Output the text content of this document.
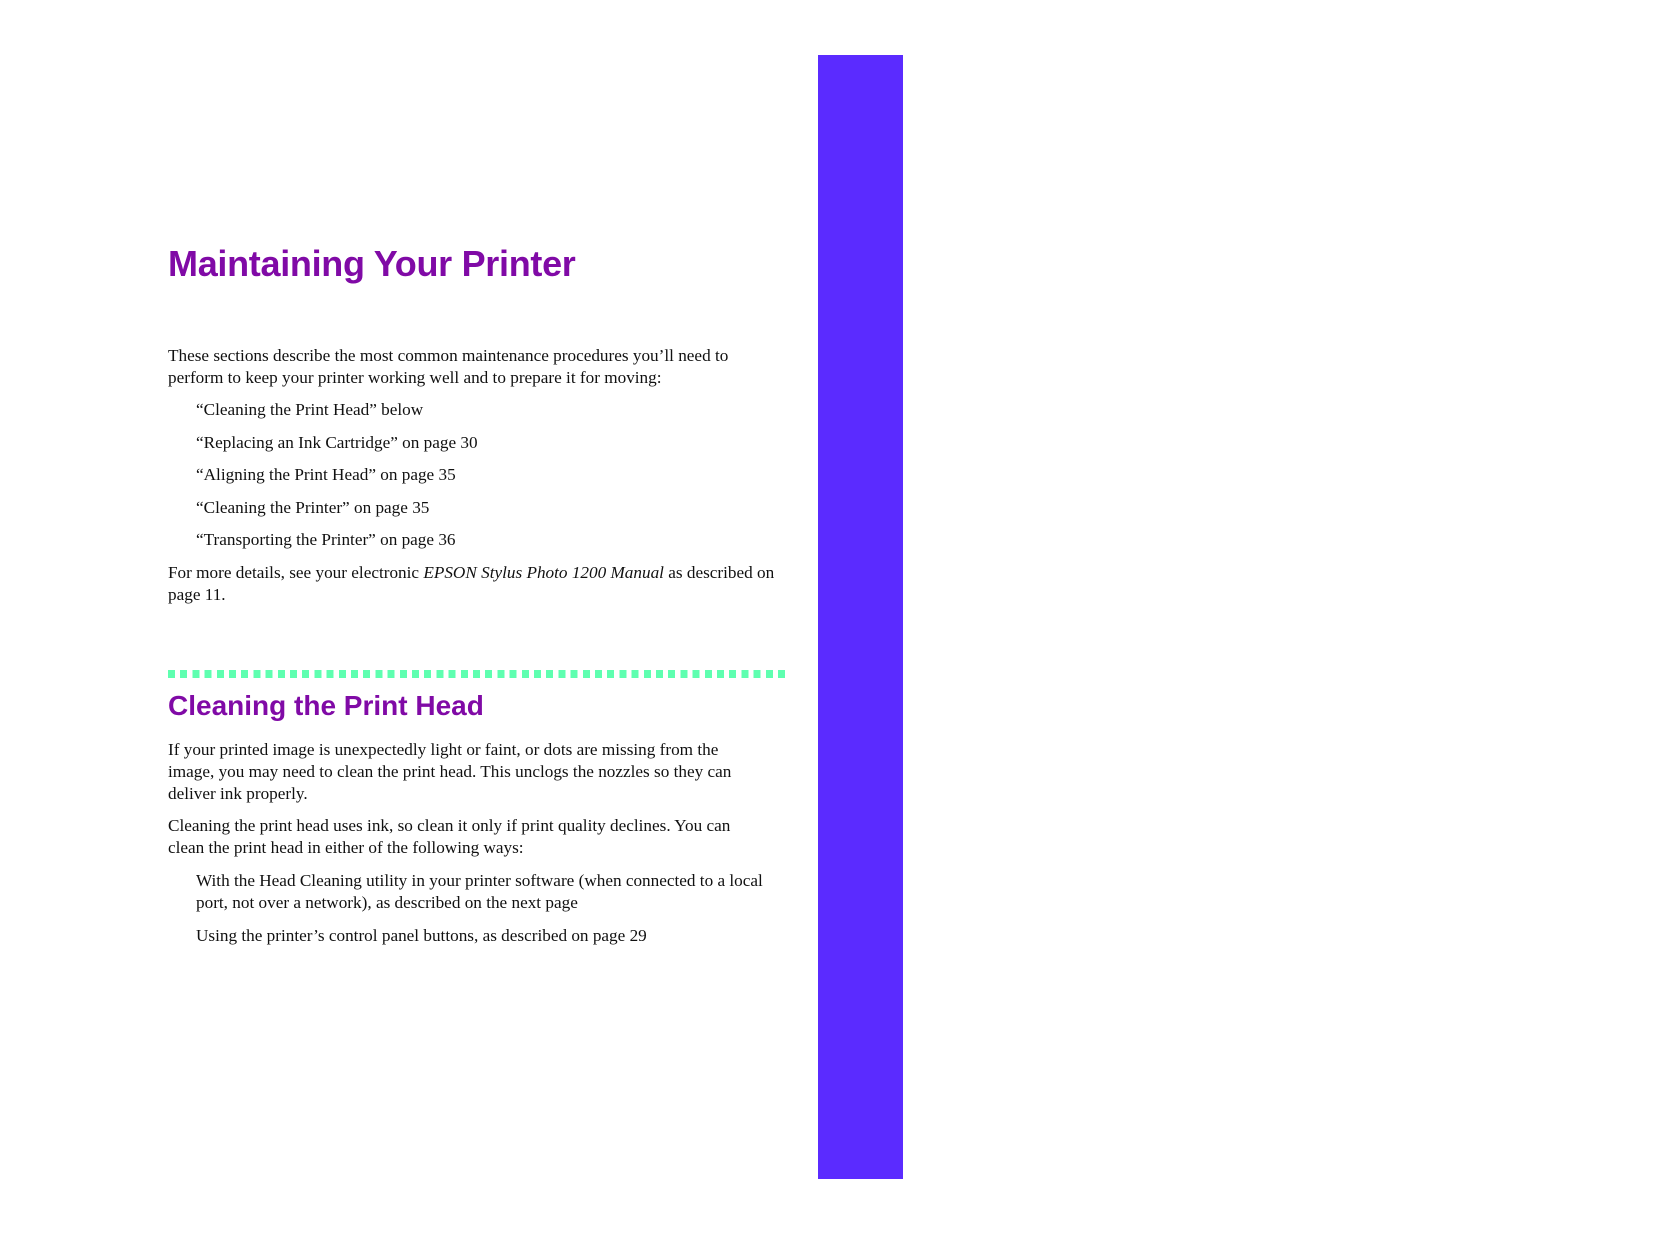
27
Maintaining Your Printer

These sections describe the most common maintenance procedures you’ll need to perform to keep your printer working well and to prepare it for moving:

“Cleaning the Print Head” below
“Replacing an Ink Cartridge” on page 30
“Aligning the Print Head” on page 35
“Cleaning the Printer” on page 35
“Transporting the Printer” on page 36

For more details, see your electronic EPSON Stylus Photo 1200 Manual as described on page 11.

Cleaning the Print Head

If your printed image is unexpectedly light or faint, or dots are missing from the image, you may need to clean the print head. This unclogs the nozzles so they can deliver ink properly.

Cleaning the print head uses ink, so clean it only if print quality declines. You can clean the print head in either of the following ways:

With the Head Cleaning utility in your printer software (when connected to a local port, not over a network), as described on the next page
Using the printer’s control panel buttons, as described on page 29
